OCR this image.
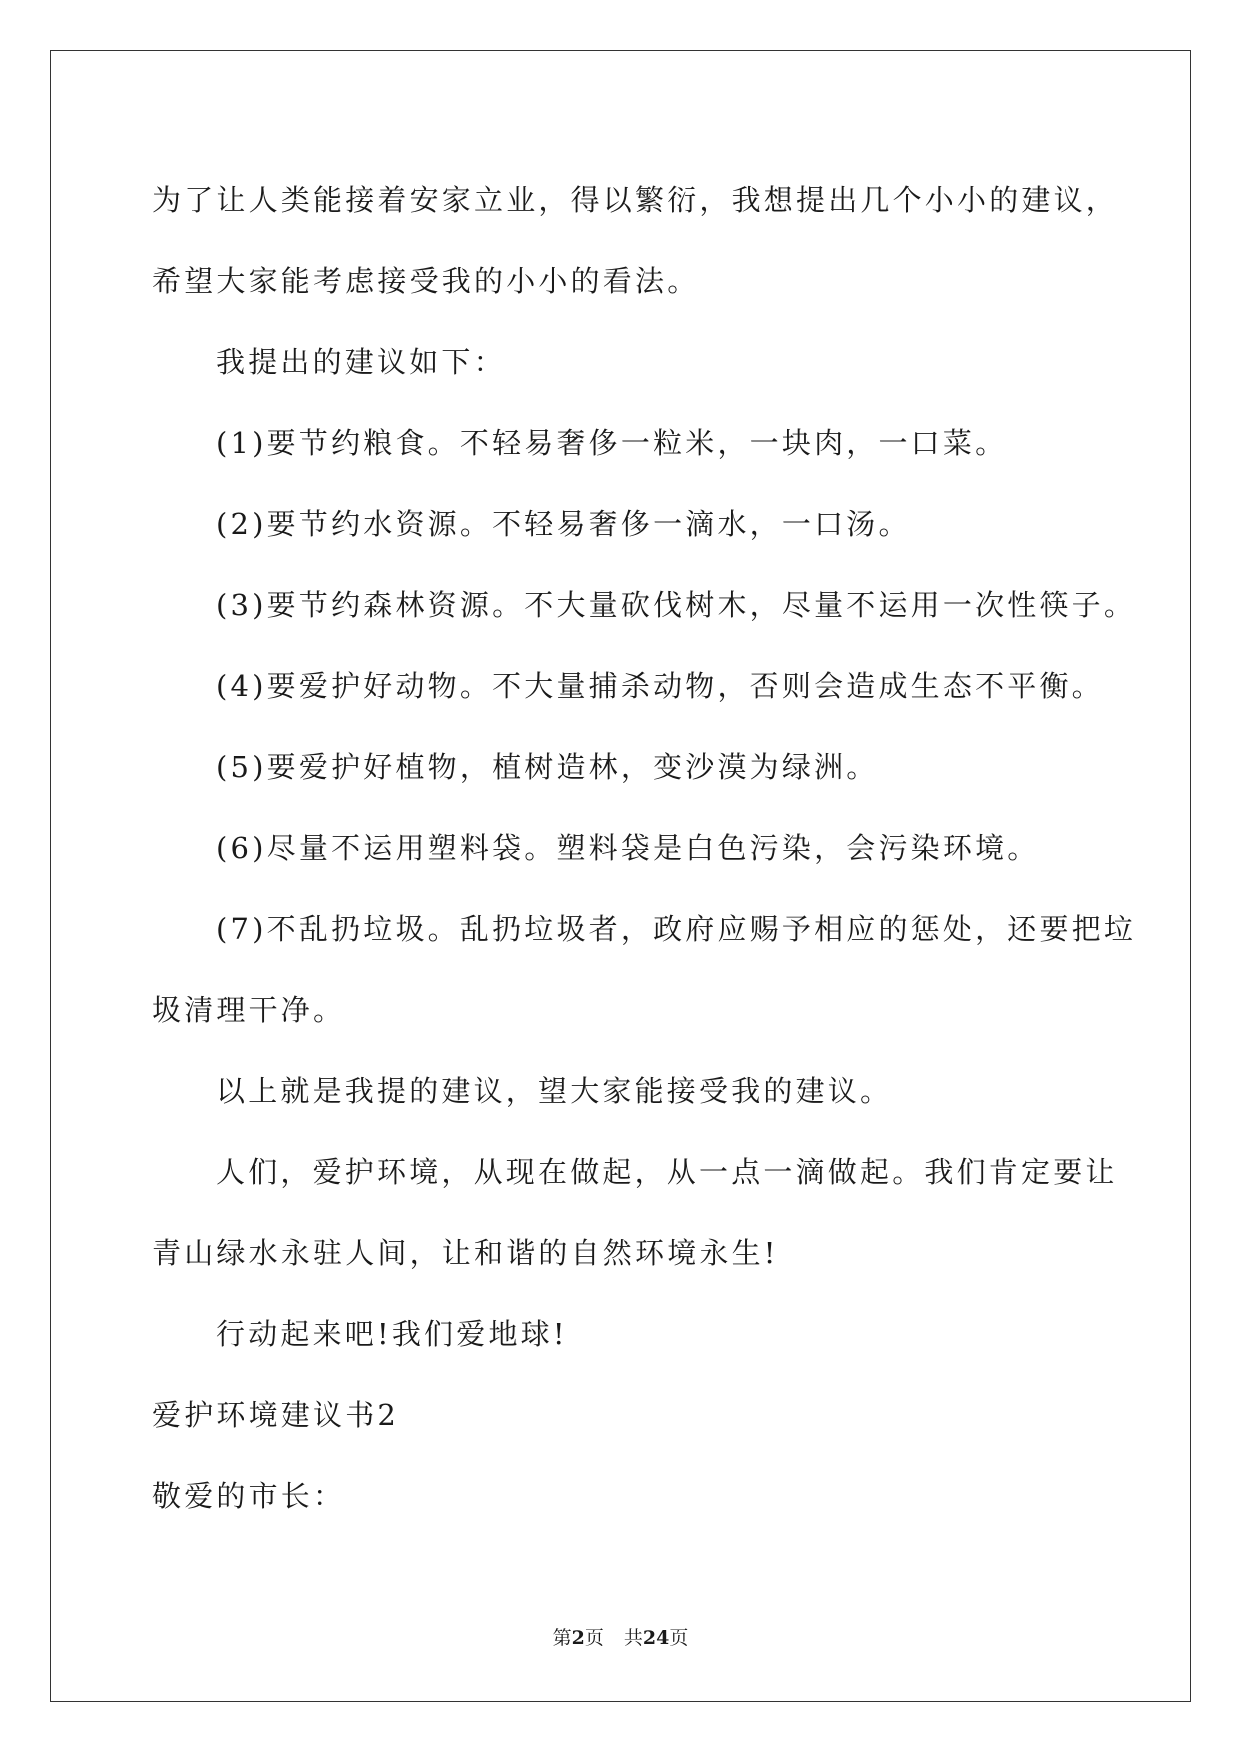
为了让人类能接着安家立业，得以繁衍，我想提出几个小小的建议，

希望大家能考虑接受我的小小的看法。

我提出的建议如下：

(1)要节约粮食。不轻易奢侈一粒米，一块肉，一口菜。

(2)要节约水资源。不轻易奢侈一滴水，一口汤。

(3)要节约森林资源。不大量砍伐树木，尽量不运用一次性筷子。

(4)要爱护好动物。不大量捕杀动物，否则会造成生态不平衡。

(5)要爱护好植物，植树造林，变沙漠为绿洲。

(6)尽量不运用塑料袋。塑料袋是白色污染，会污染环境。

(7)不乱扔垃圾。乱扔垃圾者，政府应赐予相应的惩处，还要把垃

圾清理干净。

以上就是我提的建议，望大家能接受我的建议。

人们，爱护环境，从现在做起，从一点一滴做起。我们肯定要让

青山绿水永驻人间，让和谐的自然环境永生!

行动起来吧!我们爱地球!

爱护环境建议书2

敬爱的市长：

第2页 共24页
